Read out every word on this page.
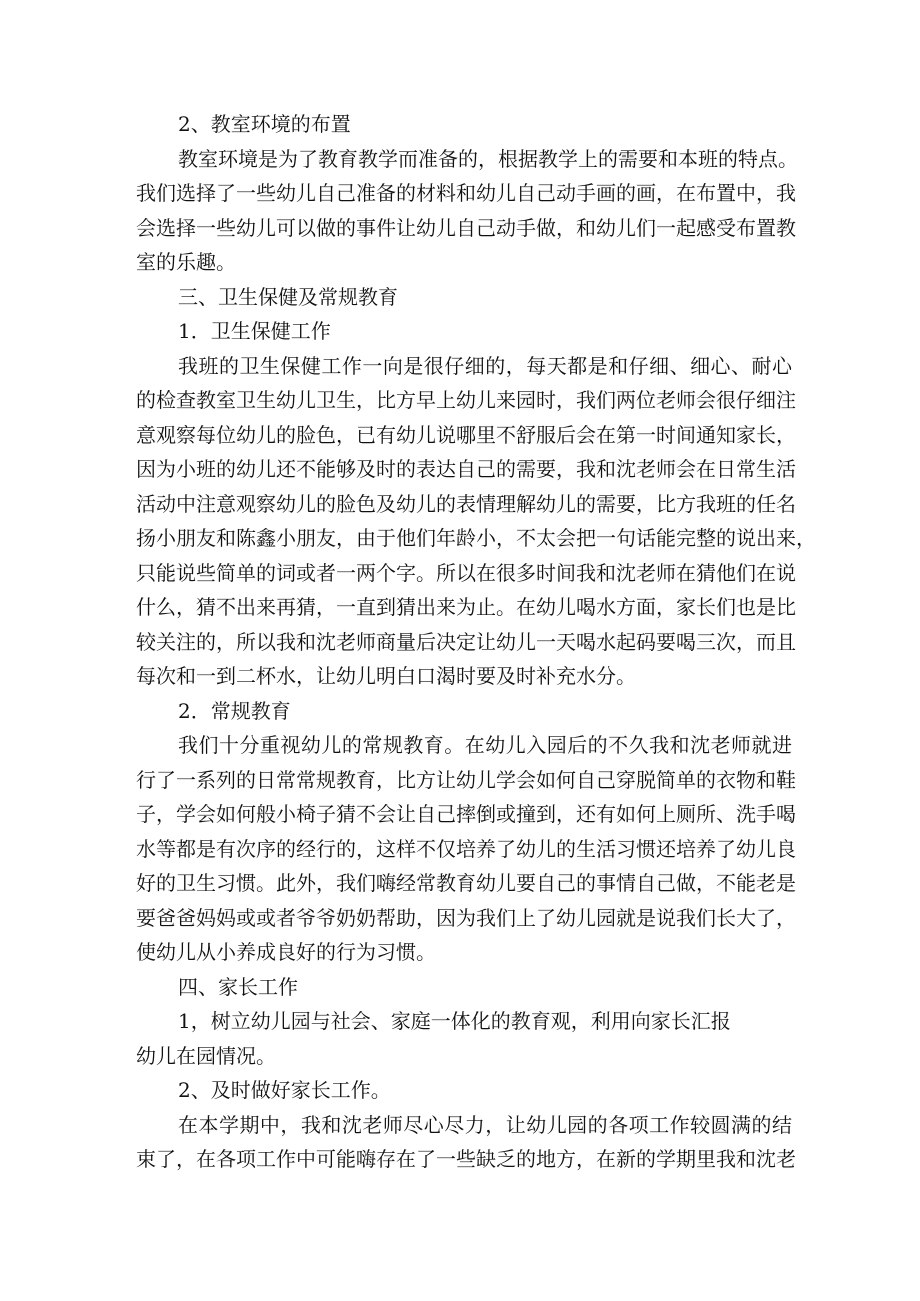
2、教室环境的布置
教室环境是为了教育教学而准备的，根据教学上的需要和本班的特点。
我们选择了一些幼儿自己准备的材料和幼儿自己动手画的画，在布置中，我
会选择一些幼儿可以做的事件让幼儿自己动手做，和幼儿们一起感受布置教
室的乐趣。
三、卫生保健及常规教育
1．卫生保健工作
我班的卫生保健工作一向是很仔细的，每天都是和仔细、细心、耐心
的检查教室卫生幼儿卫生，比方早上幼儿来园时，我们两位老师会很仔细注
意观察每位幼儿的脸色，已有幼儿说哪里不舒服后会在第一时间通知家长，
因为小班的幼儿还不能够及时的表达自己的需要，我和沈老师会在日常生活
活动中注意观察幼儿的脸色及幼儿的表情理解幼儿的需要，比方我班的任名
扬小朋友和陈鑫小朋友，由于他们年龄小，不太会把一句话能完整的说出来，
只能说些简单的词或者一两个字。所以在很多时间我和沈老师在猜他们在说
什么，猜不出来再猜，一直到猜出来为止。在幼儿喝水方面，家长们也是比
较关注的，所以我和沈老师商量后决定让幼儿一天喝水起码要喝三次，而且
每次和一到二杯水，让幼儿明白口渴时要及时补充水分。
2．常规教育
我们十分重视幼儿的常规教育。在幼儿入园后的不久我和沈老师就进
行了一系列的日常常规教育，比方让幼儿学会如何自己穿脱简单的衣物和鞋
子，学会如何般小椅子猜不会让自己摔倒或撞到，还有如何上厕所、洗手喝
水等都是有次序的经行的，这样不仅培养了幼儿的生活习惯还培养了幼儿良
好的卫生习惯。此外，我们嗨经常教育幼儿要自己的事情自己做，不能老是
要爸爸妈妈或或者爷爷奶奶帮助，因为我们上了幼儿园就是说我们长大了，
使幼儿从小养成良好的行为习惯。
四、家长工作
1，树立幼儿园与社会、家庭一体化的教育观，利用向家长汇报
幼儿在园情况。
2、及时做好家长工作。
在本学期中，我和沈老师尽心尽力，让幼儿园的各项工作较圆满的结
束了，在各项工作中可能嗨存在了一些缺乏的地方，在新的学期里我和沈老
